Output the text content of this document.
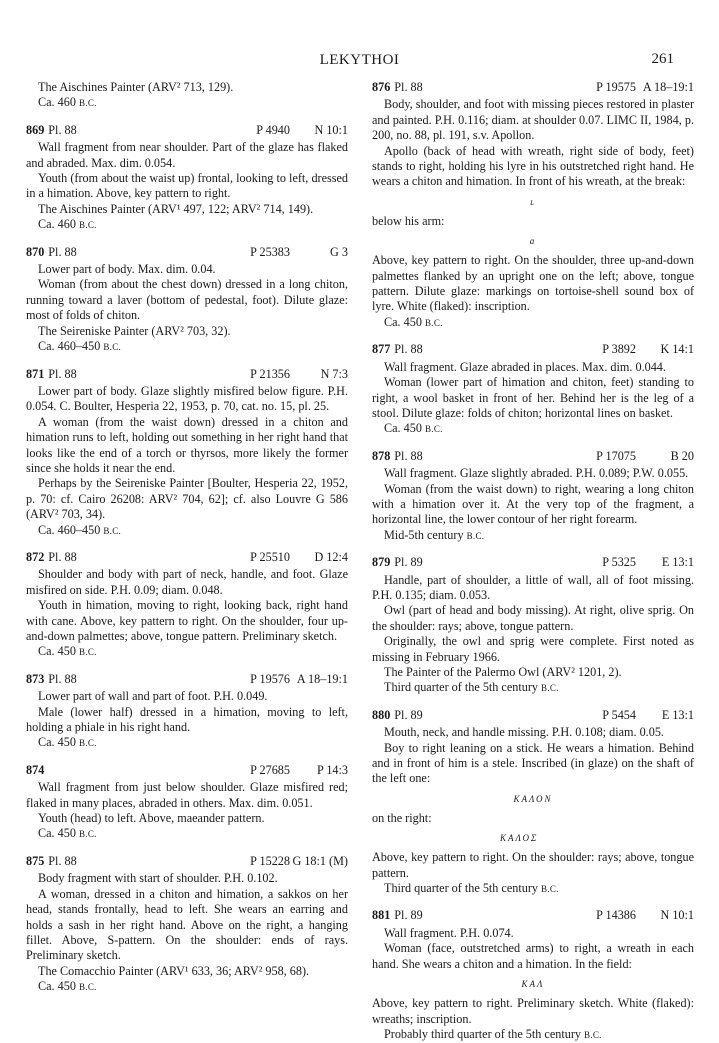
LEKYTHOI	261

The Aischines Painter (ARV² 713, 129).

Ca. 460 B.C.

869 Pl. 88	P 4940	N 10:1

Wall fragment from near shoulder. Part of the glaze has flaked and abraded. Max. dim. 0.054.

Youth (from about the waist up) frontal, looking to left, dressed in a himation. Above, key pattern to right.

The Aischines Painter (ARV¹ 497, 122; ARV² 714, 149).

Ca. 460 B.C.

870 Pl. 88	P 25383	G 3

Lower part of body. Max. dim. 0.04.

Woman (from about the chest down) dressed in a long chiton, running toward a laver (bottom of pedestal, foot). Dilute glaze: most of folds of chiton.

The Seireniske Painter (ARV² 703, 32).

Ca. 460–450 B.C.

871 Pl. 88	P 21356	N 7:3

Lower part of body. Glaze slightly misfired below figure. P.H. 0.054. C. Boulter, Hesperia 22, 1953, p. 70, cat. no. 15, pl. 25.

A woman (from the waist down) dressed in a chiton and himation runs to left, holding out something in her right hand that looks like the end of a torch or thyrsos, more likely the former since she holds it near the end.

Perhaps by the Seireniske Painter [Boulter, Hesperia 22, 1952, p. 70: cf. Cairo 26208: ARV² 704, 62]; cf. also Louvre G 586 (ARV² 703, 34).

Ca. 460–450 B.C.

872 Pl. 88	P 25510	D 12:4

Shoulder and body with part of neck, handle, and foot. Glaze misfired on side. P.H. 0.09; diam. 0.048.

Youth in himation, moving to right, looking back, right hand with cane. Above, key pattern to right. On the shoulder, four up-and-down palmettes; above, tongue pattern. Preliminary sketch.

Ca. 450 B.C.

873 Pl. 88	P 19576 A 18–19:1

Lower part of wall and part of foot. P.H. 0.049.

Male (lower half) dressed in a himation, moving to left, holding a phiale in his right hand.

Ca. 450 B.C.

874	P 27685	P 14:3

Wall fragment from just below shoulder. Glaze misfired red; flaked in many places, abraded in others. Max. dim. 0.051.

Youth (head) to left. Above, maeander pattern.

Ca. 450 B.C.

875 Pl. 88	P 15228 G 18:1 (M)

Body fragment with start of shoulder. P.H. 0.102.

A woman, dressed in a chiton and himation, a sakkos on her head, stands frontally, head to left. She wears an earring and holds a sash in her right hand. Above on the right, a hanging fillet. Above, S-pattern. On the shoulder: ends of rays. Preliminary sketch.

The Comacchio Painter (ARV¹ 633, 36; ARV² 958, 68).

Ca. 450 B.C.

876 Pl. 88	P 19575 A 18–19:1

Body, shoulder, and foot with missing pieces restored in plaster and painted. P.H. 0.116; diam. at shoulder 0.07. LIMC II, 1984, p. 200, no. 88, pl. 191, s.v. Apollon.

Apollo (back of head with wreath, right side of body, feet) stands to right, holding his lyre in his outstretched right hand. He wears a chiton and himation. In front of his wreath, at the break:

ʟ

below his arm:

ɑ

Above, key pattern to right. On the shoulder, three up-and-down palmettes flanked by an upright one on the left; above, tongue pattern. Dilute glaze: markings on tortoise-shell sound box of lyre. White (flaked): inscription.

Ca. 450 B.C.

877 Pl. 88	P 3892	K 14:1

Wall fragment. Glaze abraded in places. Max. dim. 0.044.

Woman (lower part of himation and chiton, feet) standing to right, a wool basket in front of her. Behind her is the leg of a stool. Dilute glaze: folds of chiton; horizontal lines on basket.

Ca. 450 B.C.

878 Pl. 88	P 17075	B 20

Wall fragment. Glaze slightly abraded. P.H. 0.089; P.W. 0.055.

Woman (from the waist down) to right, wearing a long chiton with a himation over it. At the very top of the fragment, a horizontal line, the lower contour of her right forearm.

Mid-5th century B.C.

879 Pl. 89	P 5325	E 13:1

Handle, part of shoulder, a little of wall, all of foot missing. P.H. 0.135; diam. 0.053.

Owl (part of head and body missing). At right, olive sprig. On the shoulder: rays; above, tongue pattern.

Originally, the owl and sprig were complete. First noted as missing in February 1966.

The Painter of the Palermo Owl (ARV² 1201, 2).

Third quarter of the 5th century B.C.

880 Pl. 89	P 5454	E 13:1

Mouth, neck, and handle missing. P.H. 0.108; diam. 0.05.

Boy to right leaning on a stick. He wears a himation. Behind and in front of him is a stele. Inscribed (in glaze) on the shaft of the left one:

ΚΑΛΟΝ

on the right:

ΚΑΛΟΣ

Above, key pattern to right. On the shoulder: rays; above, tongue pattern.

Third quarter of the 5th century B.C.

881 Pl. 89	P 14386	N 10:1

Wall fragment. P.H. 0.074.

Woman (face, outstretched arms) to right, a wreath in each hand. She wears a chiton and a himation. In the field:

ΚΑΛ

Above, key pattern to right. Preliminary sketch. White (flaked): wreaths; inscription.

Probably third quarter of the 5th century B.C.
